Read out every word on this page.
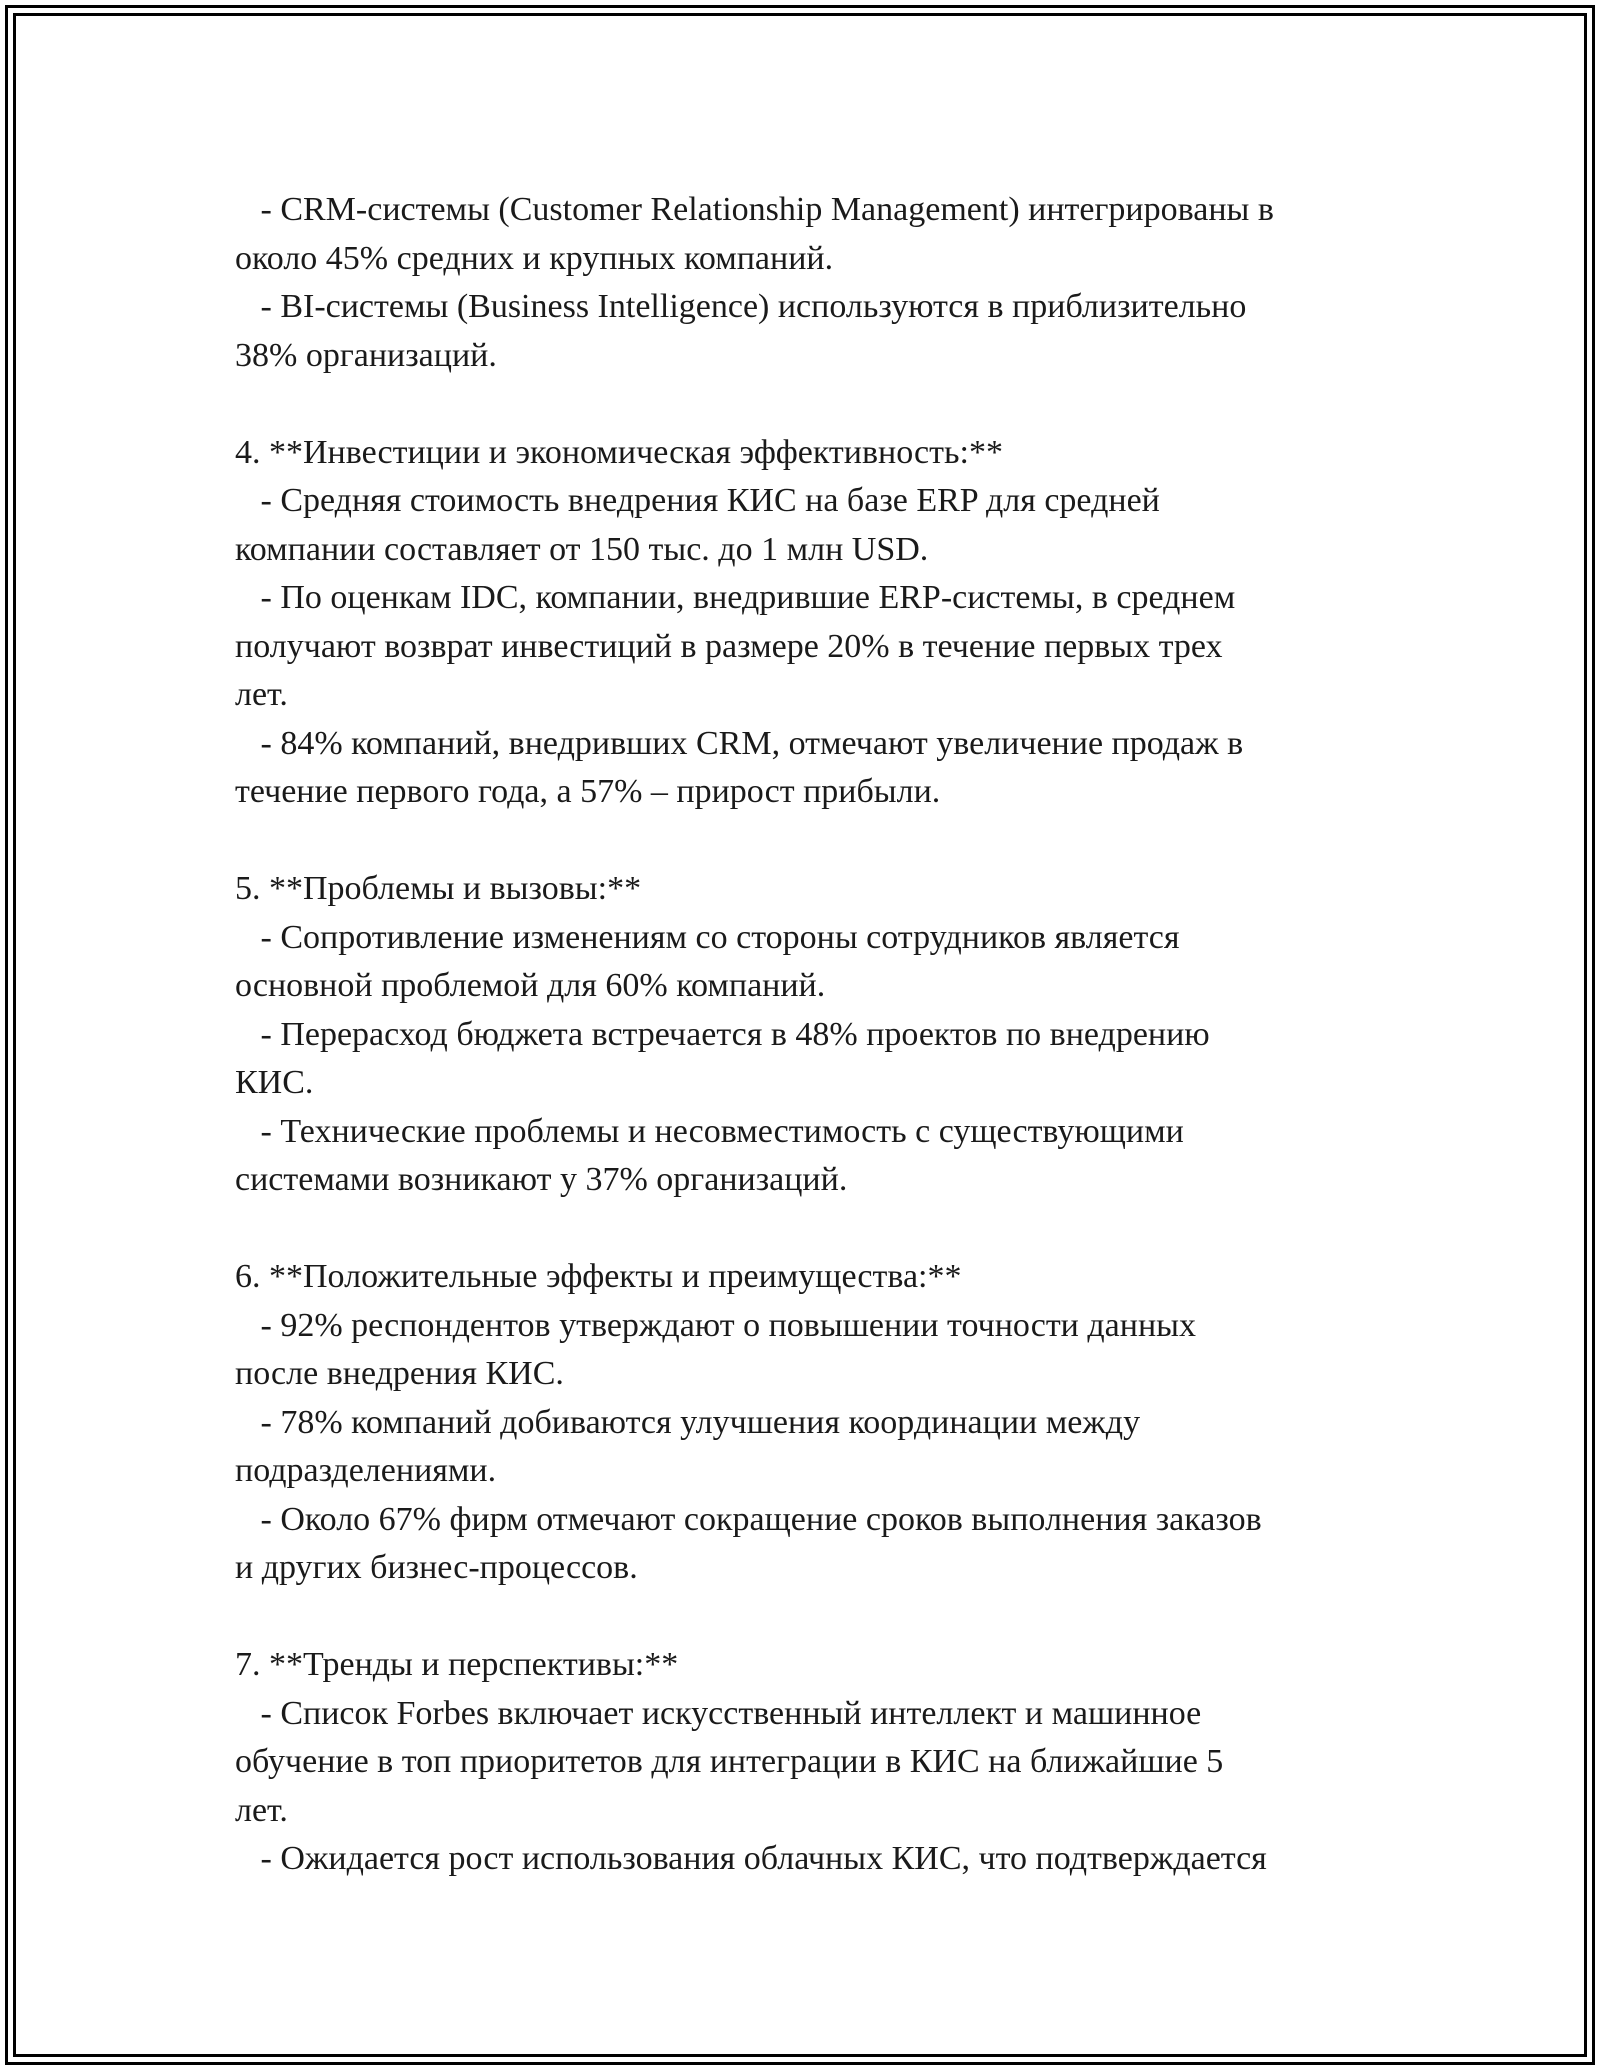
- CRM-системы (Customer Relationship Management) интегрированы в
около 45% средних и крупных компаний.
- BI-системы (Business Intelligence) используются в приблизительно
38% организаций.
4. **Инвестиции и экономическая эффективность:**
- Средняя стоимость внедрения КИС на базе ERP для средней
компании составляет от 150 тыс. до 1 млн USD.
- По оценкам IDC, компании, внедрившие ERP-системы, в среднем
получают возврат инвестиций в размере 20% в течение первых трех
лет.
- 84% компаний, внедривших CRM, отмечают увеличение продаж в
течение первого года, а 57% – прирост прибыли.
5. **Проблемы и вызовы:**
- Сопротивление изменениям со стороны сотрудников является
основной проблемой для 60% компаний.
- Перерасход бюджета встречается в 48% проектов по внедрению
КИС.
- Технические проблемы и несовместимость с существующими
системами возникают у 37% организаций.
6. **Положительные эффекты и преимущества:**
- 92% респондентов утверждают о повышении точности данных
после внедрения КИС.
- 78% компаний добиваются улучшения координации между
подразделениями.
- Около 67% фирм отмечают сокращение сроков выполнения заказов
и других бизнес-процессов.
7. **Тренды и перспективы:**
- Список Forbes включает искусственный интеллект и машинное
обучение в топ приоритетов для интеграции в КИС на ближайшие 5
лет.
- Ожидается рост использования облачных КИС, что подтверждается
